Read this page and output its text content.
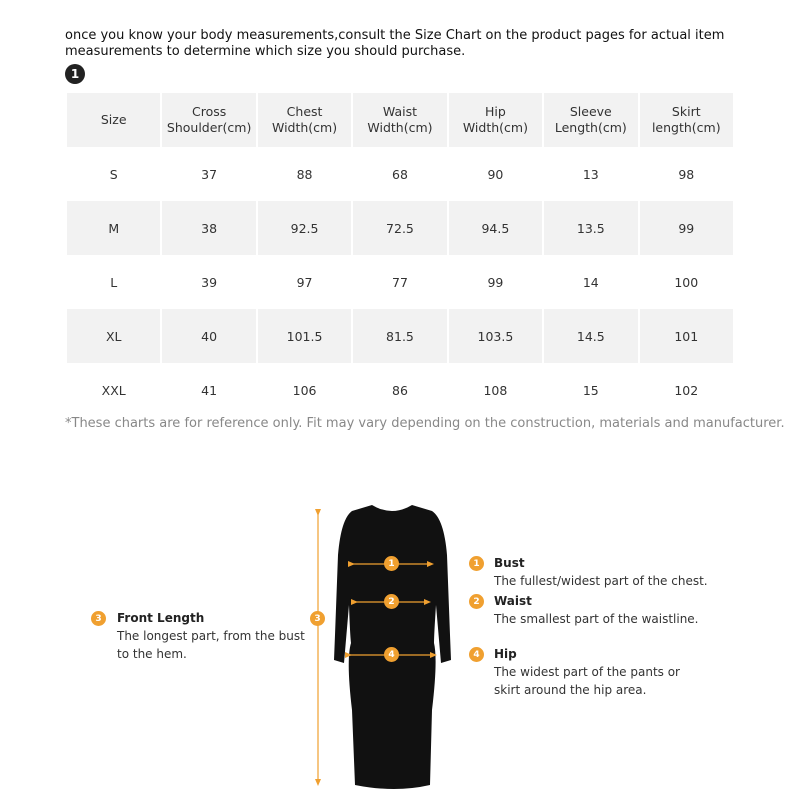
once you know your body measurements,consult the Size Chart on the product pages for actual item measurements to determine which size you should purchase.
1
Size	Cross Shoulder(cm)	Chest Width(cm)	Waist Width(cm)	Hip Width(cm)	Sleeve Length(cm)	Skirt length(cm)
S	37	88	68	90	13	98
M	38	92.5	72.5	94.5	13.5	99
L	39	97	77	99	14	100
XL	40	101.5	81.5	103.5	14.5	101
XXL	41	106	86	108	15	102
*These charts are for reference only. Fit may vary depending on the construction, materials and manufacturer.
1
2
4
3
3	Front Length
The longest part, from the bust to the hem.
1	Bust
The fullest/widest part of the chest.
2	Waist
The smallest part of the waistline.
4	Hip
The widest part of the pants or skirt around the hip area.
